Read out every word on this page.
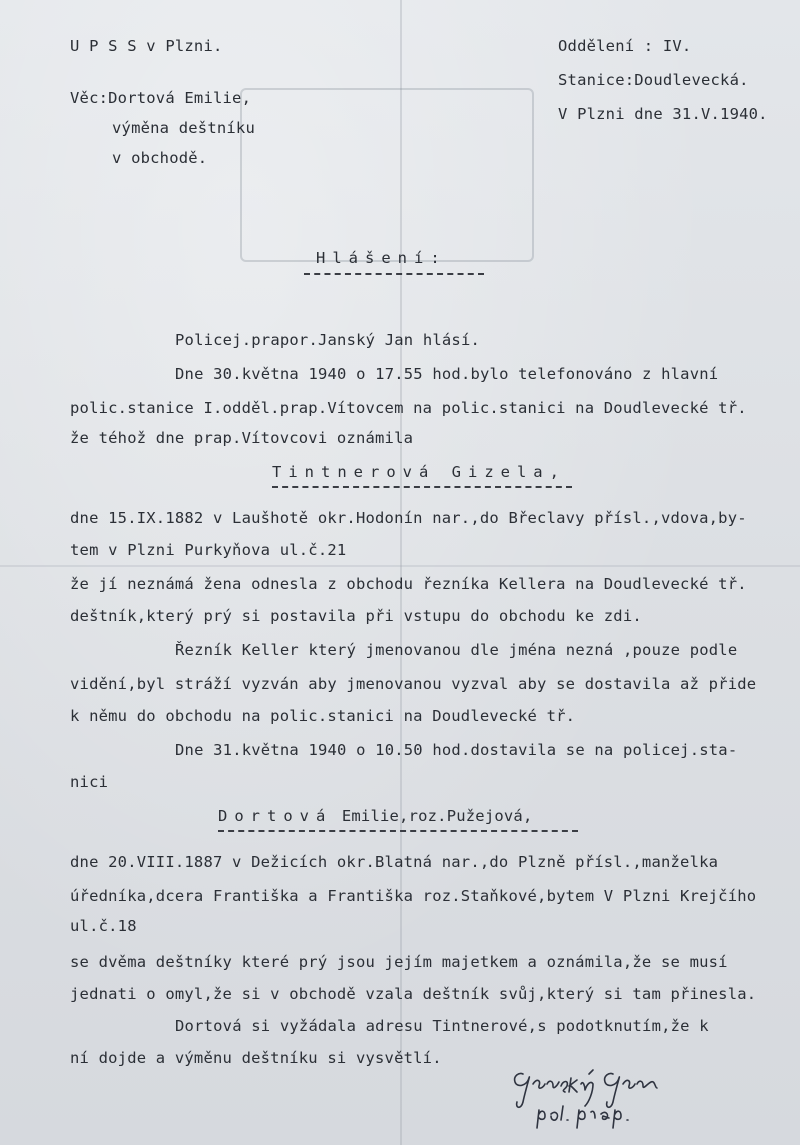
U P S S v Plzni.
Věc:Dortová Emilie,
výměna deštníku
v obchodě.
Oddělení : IV.
Stanice:Doudlevecká.
V Plzni dne 31.V.1940.
Hlášení:
Policej.prapor.Janský Jan hlásí.
Dne 30.května 1940 o 17.55 hod.bylo telefonováno z hlavní
polic.stanice I.odděl.prap.Vítovcem na polic.stanici na Doudlevecké tř.
že téhož dne prap.Vítovcovi oznámila
Tintnerová Gizela,
dne 15.IX.1882 v Laušhotě okr.Hodonín nar.,do Břeclavy přísl.,vdova,by-
tem v Plzni Purkyňova ul.č.21
že jí neznámá žena odnesla z obchodu řezníka Kellera na Doudlevecké tř.
deštník,který prý si postavila při vstupu do obchodu ke zdi.
Řezník Keller který jmenovanou dle jména nezná ,pouze podle
vidění,byl stráží vyzván aby jmenovanou vyzval aby se dostavila až přide
k němu do obchodu na polic.stanici na Doudlevecké tř.
Dne 31.května 1940 o 10.50 hod.dostavila se na policej.sta-
nici
Dortová Emilie,roz.Pužejová,
dne 20.VIII.1887 v Dežicích okr.Blatná nar.,do Plzně přísl.,manželka
úředníka,dcera Františka a Františka roz.Staňkové,bytem V Plzni Krejčího
ul.č.18
se dvěma deštníky které prý jsou jejím majetkem a oznámila,že se musí
jednati o omyl,že si v obchodě vzala deštník svůj,který si tam přinesla.
Dortová si vyžádala adresu Tintnerové,s podotknutím,že k
ní dojde a výměnu deštníku si vysvětlí.
